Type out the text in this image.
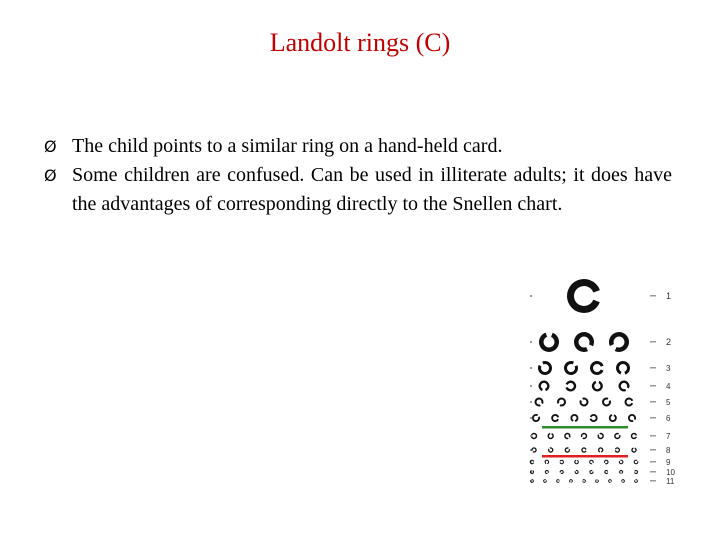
Landolt rings (C)
Ø The child points to a similar ring on a hand-held card.
Ø Some children are confused. Can be used in illiterate adults; it does have the advantages of corresponding directly to the Snellen chart.
1
2
3
4
5
6
7
8
9
10
11
